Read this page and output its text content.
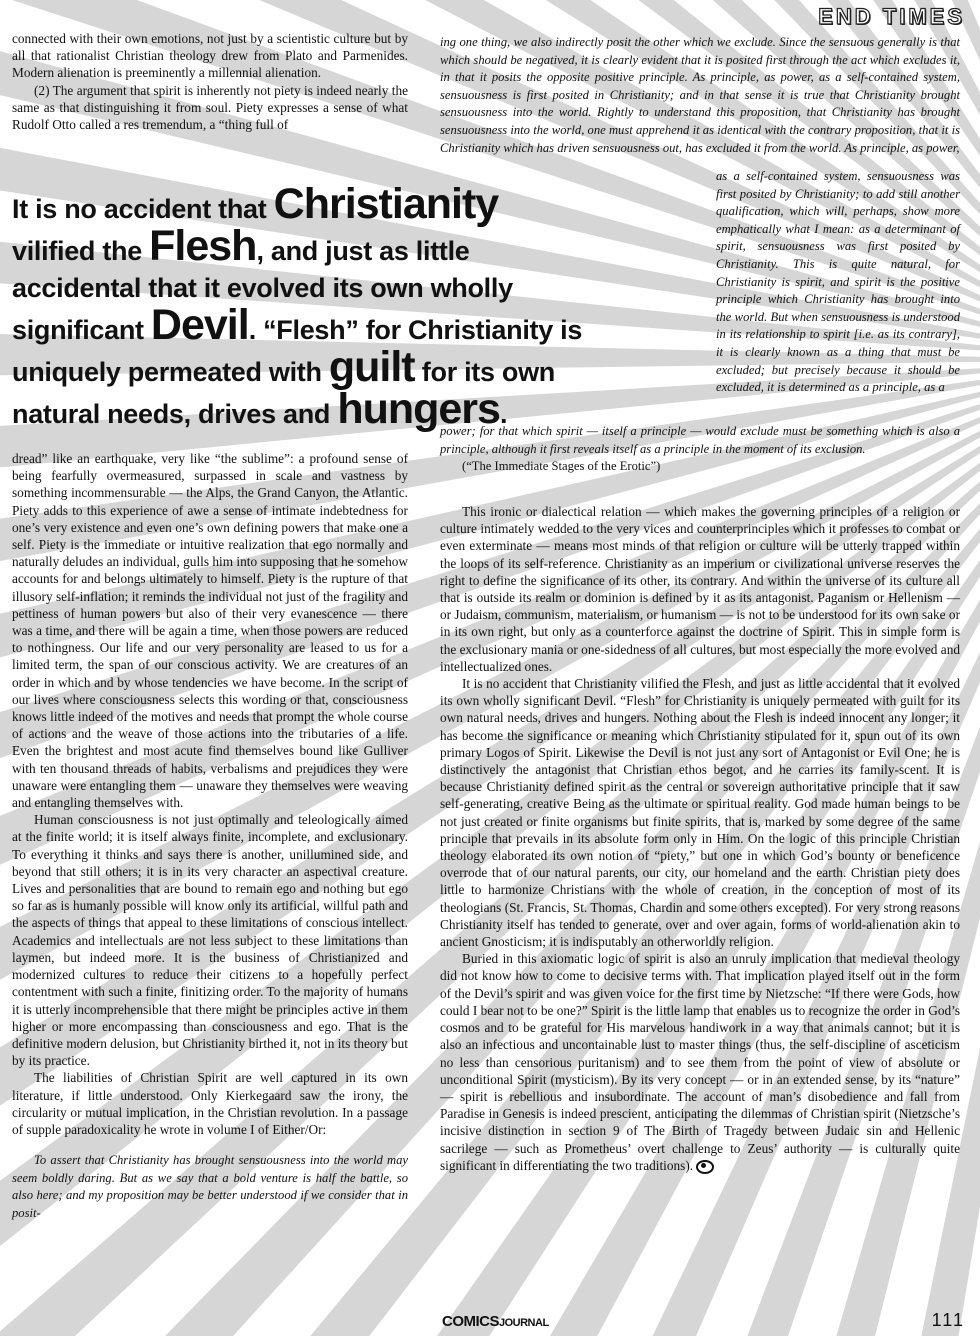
END TIMES

connected with their own emotions, not just by a scientistic culture but by all that rationalist Christian theology drew from Plato and Parmenides. Modern alienation is preeminently a millennial alienation.

(2) The argument that spirit is inherently not piety is indeed nearly the same as that distinguishing it from soul. Piety expresses a sense of what Rudolf Otto called a res tremendum, a “thing full of

ing one thing, we also indirectly posit the other which we exclude. Since the sensuous generally is that which should be negatived, it is clearly evident that it is posited first through the act which excludes it, in that it posits the opposite positive principle. As principle, as power, as a self-contained system, sensuousness is first posited in Christianity; and in that sense it is true that Christianity brought sensuousness into the world. Rightly to understand this proposition, that Christianity has brought sensuousness into the world, one must apprehend it as identical with the contrary proposition, that it is Christianity which has driven sensuousness out, has excluded it from the world. As principle, as power,

as a self-contained system, sensuousness was first posited by Christianity; to add still another qualification, which will, perhaps, show more emphatically what I mean: as a determinant of spirit, sensuousness was first posited by Christianity. This is quite natural, for Christianity is spirit, and spirit is the positive principle which Christianity has brought into the world. But when sensuousness is understood in its relationship to spirit [i.e. as its contrary], it is clearly known as a thing that must be excluded; but precisely because it should be excluded, it is determined as a principle, as a

It is no accident that Christianity
vilified the Flesh, and just as little
accidental that it evolved its own wholly
significant Devil. “Flesh” for Christianity is
uniquely permeated with guilt for its own
natural needs, drives and hungers.

power; for that which spirit — itself a principle — would exclude must be something which is also a principle, although it first reveals itself as a principle in the moment of its exclusion.

(“The Immediate Stages of the Erotic”)

dread” like an earthquake, very like “the sublime”: a profound sense of being fearfully overmeasured, surpassed in scale and vastness by something incommensurable — the Alps, the Grand Canyon, the Atlantic. Piety adds to this experience of awe a sense of intimate indebtedness for one’s very existence and even one’s own defining powers that make one a self. Piety is the immediate or intuitive realization that ego normally and naturally deludes an individual, gulls him into supposing that he somehow accounts for and belongs ultimately to himself. Piety is the rupture of that illusory self-inflation; it reminds the individual not just of the fragility and pettiness of human powers but also of their very evanescence — there was a time, and there will be again a time, when those powers are reduced to nothingness. Our life and our very personality are leased to us for a limited term, the span of our conscious activity. We are creatures of an order in which and by whose tendencies we have become. In the script of our lives where consciousness selects this wording or that, consciousness knows little indeed of the motives and needs that prompt the whole course of actions and the weave of those actions into the tributaries of a life. Even the brightest and most acute find themselves bound like Gulliver with ten thousand threads of habits, verbalisms and prejudices they were unaware were entangling them — unaware they themselves were weaving and entangling themselves with.

Human consciousness is not just optimally and teleologically aimed at the finite world; it is itself always finite, incomplete, and exclusionary. To everything it thinks and says there is another, unillumined side, and beyond that still others; it is in its very character an aspectival creature. Lives and personalities that are bound to remain ego and nothing but ego so far as is humanly possible will know only its artificial, willful path and the aspects of things that appeal to these limitations of conscious intellect. Academics and intellectuals are not less subject to these limitations than laymen, but indeed more. It is the business of Christianized and modernized cultures to reduce their citizens to a hopefully perfect contentment with such a finite, finitizing order. To the majority of humans it is utterly incomprehensible that there might be principles active in them higher or more encompassing than consciousness and ego. That is the definitive modern delusion, but Christianity birthed it, not in its theory but by its practice.

The liabilities of Christian Spirit are well captured in its own literature, if little understood. Only Kierkegaard saw the irony, the circularity or mutual implication, in the Christian revolution. In a passage of supple paradoxicality he wrote in volume I of Either/Or:

To assert that Christianity has brought sensuousness into the world may seem boldly daring. But as we say that a bold venture is half the battle, so also here; and my proposition may be better understood if we consider that in posit-

This ironic or dialectical relation — which makes the governing principles of a religion or culture intimately wedded to the very vices and counterprinciples which it professes to combat or even exterminate — means most minds of that religion or culture will be utterly trapped within the loops of its self-reference. Christianity as an imperium or civilizational universe reserves the right to define the significance of its other, its contrary. And within the universe of its culture all that is outside its realm or dominion is defined by it as its antagonist. Paganism or Hellenism — or Judaism, communism, materialism, or humanism — is not to be understood for its own sake or in its own right, but only as a counterforce against the doctrine of Spirit. This in simple form is the exclusionary mania or one-sidedness of all cultures, but most especially the more evolved and intellectualized ones.

It is no accident that Christianity vilified the Flesh, and just as little accidental that it evolved its own wholly significant Devil. “Flesh” for Christianity is uniquely permeated with guilt for its own natural needs, drives and hungers. Nothing about the Flesh is indeed innocent any longer; it has become the significance or meaning which Christianity stipulated for it, spun out of its own primary Logos of Spirit. Likewise the Devil is not just any sort of Antagonist or Evil One; he is distinctively the antagonist that Christian ethos begot, and he carries its family-scent. It is because Christianity defined spirit as the central or sovereign authoritative principle that it saw self-generating, creative Being as the ultimate or spiritual reality. God made human beings to be not just created or finite organisms but finite spirits, that is, marked by some degree of the same principle that prevails in its absolute form only in Him. On the logic of this principle Christian theology elaborated its own notion of “piety,” but one in which God’s bounty or beneficence overrode that of our natural parents, our city, our homeland and the earth. Christian piety does little to harmonize Christians with the whole of creation, in the conception of most of its theologians (St. Francis, St. Thomas, Chardin and some others excepted). For very strong reasons Christianity itself has tended to generate, over and over again, forms of world-alienation akin to ancient Gnosticism; it is indisputably an otherworldly religion.

Buried in this axiomatic logic of spirit is also an unruly implication that medieval theology did not know how to come to decisive terms with. That implication played itself out in the form of the Devil’s spirit and was given voice for the first time by Nietzsche: “If there were Gods, how could I bear not to be one?” Spirit is the little lamp that enables us to recognize the order in God’s cosmos and to be grateful for His marvelous handiwork in a way that animals cannot; but it is also an infectious and uncontainable lust to master things (thus, the self-discipline of asceticism no less than censorious puritanism) and to see them from the point of view of absolute or unconditional Spirit (mysticism). By its very concept — or in an extended sense, by its “nature” — spirit is rebellious and insubordinate. The account of man’s disobedience and fall from Paradise in Genesis is indeed prescient, anticipating the dilemmas of Christian spirit (Nietzsche’s incisive distinction in section 9 of The Birth of Tragedy between Judaic sin and Hellenic sacrilege — such as Prometheus’ overt challenge to Zeus’ authority — is culturally quite significant in differentiating the two traditions).

COMICSJOURNAL	111
